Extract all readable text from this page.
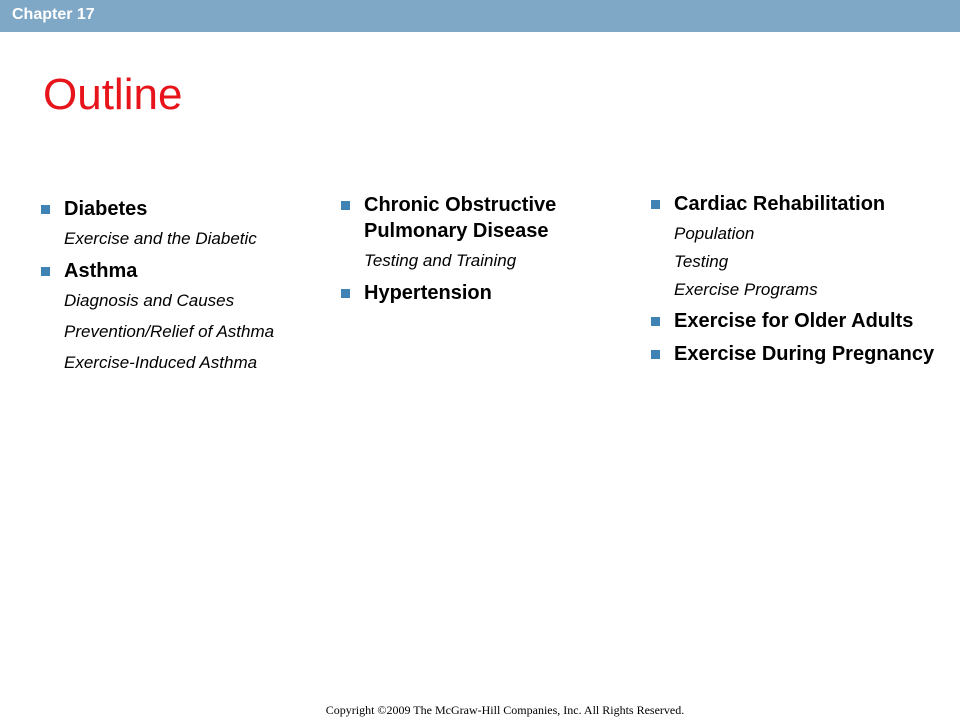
Chapter 17
Outline
Diabetes
Exercise and the Diabetic
Asthma
Diagnosis and Causes
Prevention/Relief of Asthma
Exercise-Induced Asthma
Chronic Obstructive Pulmonary Disease
Testing and Training
Hypertension
Cardiac Rehabilitation
Population
Testing
Exercise Programs
Exercise for Older Adults
Exercise During Pregnancy
Copyright ©2009 The McGraw-Hill Companies, Inc. All Rights Reserved.
